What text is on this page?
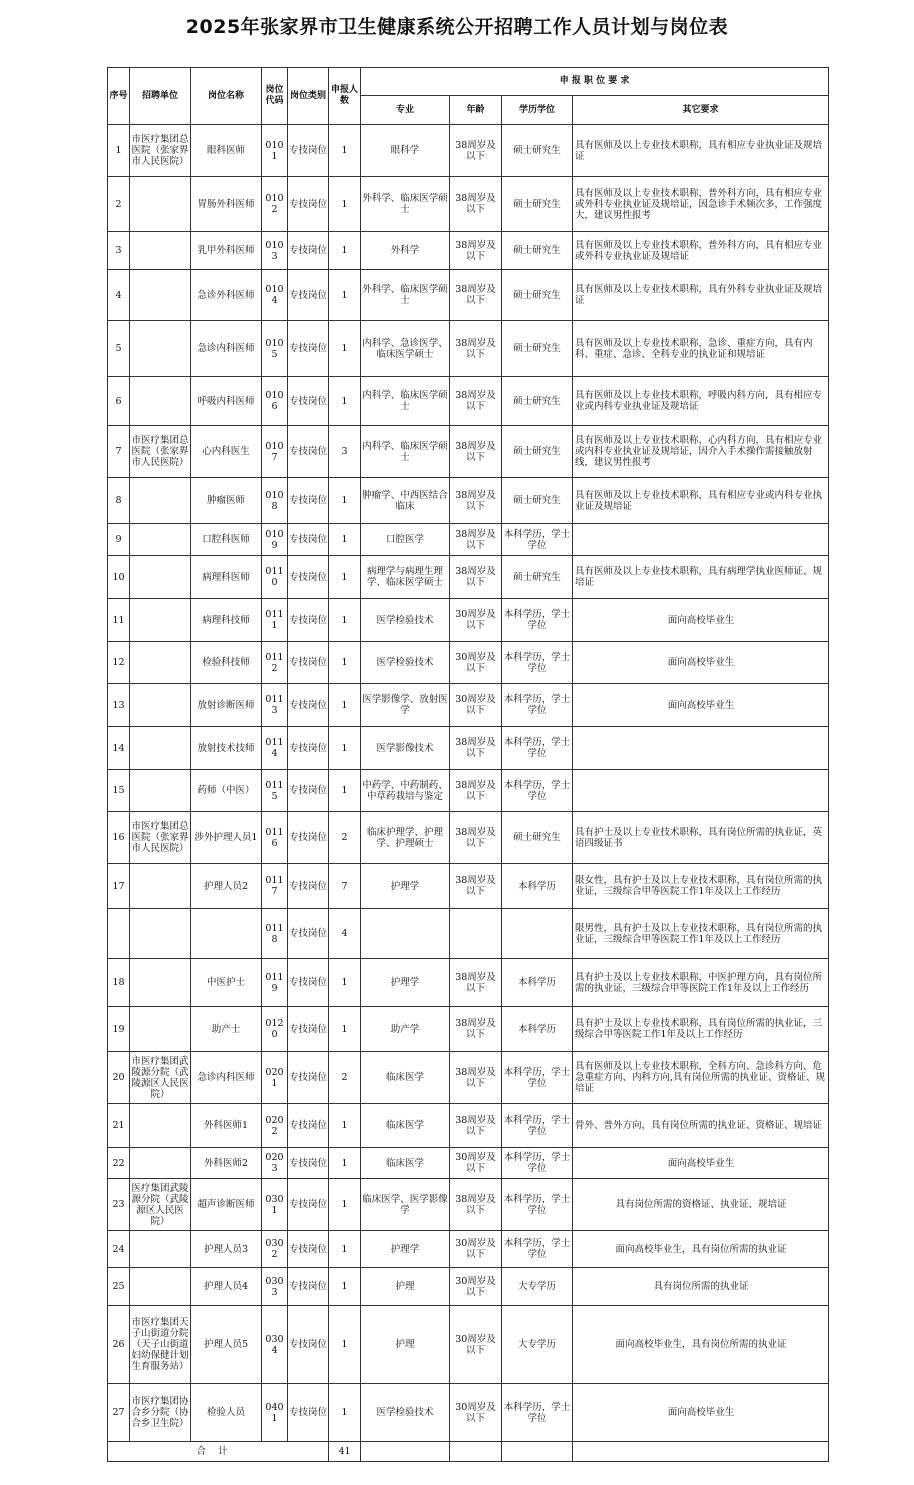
2025年张家界市卫生健康系统公开招聘工作人员计划与岗位表
序号	招聘单位	岗位名称	岗位代码	岗位类别	申报人数	申 报 职 位 要 求			
						专业	年龄	学历学位	其它要求
1	市医疗集团总医院（张家界市人民医院）	眼科医师	0101	专技岗位	1	眼科学	38周岁及以下	硕士研究生	具有医师及以上专业技术职称，具有相应专业执业证及规培证
2		胃肠外科医师	0102	专技岗位	1	外科学、临床医学硕士	38周岁及以下	硕士研究生	具有医师及以上专业技术职称，普外科方向，具有相应专业或外科专业执业证及规培证，因急诊手术频次多，工作强度大，建议男性报考
3		乳甲外科医师	0103	专技岗位	1	外科学	38周岁及以下	硕士研究生	具有医师及以上专业技术职称，普外科方向，具有相应专业或外科专业执业证及规培证
4		急诊外科医师	0104	专技岗位	1	外科学、临床医学硕士	38周岁及以下	硕士研究生	具有医师及以上专业技术职称，具有外科专业执业证及规培证
5		急诊内科医师	0105	专技岗位	1	内科学、急诊医学、临床医学硕士	38周岁及以下	硕士研究生	具有医师及以上专业技术职称，急诊、重症方向，具有内科、重症、急诊、全科专业的执业证和规培证
6		呼吸内科医师	0106	专技岗位	1	内科学、临床医学硕士	38周岁及以下	硕士研究生	具有医师及以上专业技术职称，呼吸内科方向，具有相应专业或内科专业执业证及规培证
7	市医疗集团总医院（张家界市人民医院）	心内科医生	0107	专技岗位	3	内科学、临床医学硕士	38周岁及以下	硕士研究生	具有医师及以上专业技术职称，心内科方向，具有相应专业或内科专业执业证及规培证，因介入手术操作需接触放射线，建议男性报考
8		肿瘤医师	0108	专技岗位	1	肿瘤学、中西医结合临床	38周岁及以下	硕士研究生	具有医师及以上专业技术职称，具有相应专业或内科专业执业证及规培证
9		口腔科医师	0109	专技岗位	1	口腔医学	38周岁及以下	本科学历，学士学位	
10		病理科医师	0110	专技岗位	1	病理学与病理生理学、临床医学硕士	38周岁及以下	硕士研究生	具有医师及以上专业技术职称，具有病理学执业医师证、规培证
11		病理科技师	0111	专技岗位	1	医学检验技术	30周岁及以下	本科学历，学士学位	面向高校毕业生
12		检验科技师	0112	专技岗位	1	医学检验技术	30周岁及以下	本科学历，学士学位	面向高校毕业生
13		放射诊断医师	0113	专技岗位	1	医学影像学、放射医学	30周岁及以下	本科学历，学士学位	面向高校毕业生
14		放射技术技师	0114	专技岗位	1	医学影像技术	38周岁及以下	本科学历，学士学位	
15		药师（中医）	0115	专技岗位	1	中药学、中药制药、中草药栽培与鉴定	38周岁及以下	本科学历，学士学位	
16	市医疗集团总医院（张家界市人民医院）	涉外护理人员1	0116	专技岗位	2	临床护理学、护理学、护理硕士	38周岁及以下	硕士研究生	具有护士及以上专业技术职称，具有岗位所需的执业证，英语四级证书
17		护理人员2	0117	专技岗位	7	护理学	38周岁及以下	本科学历	限女性，具有护士及以上专业技术职称，具有岗位所需的执业证，三级综合甲等医院工作1年及以上工作经历
			0118	专技岗位	4				限男性，具有护士及以上专业技术职称，具有岗位所需的执业证，三级综合甲等医院工作1年及以上工作经历
18		中医护士	0119	专技岗位	1	护理学	38周岁及以下	本科学历	具有护士及以上专业技术职称，中医护理方向，具有岗位所需的执业证，三级综合甲等医院工作1年及以上工作经历
19		助产士	0120	专技岗位	1	助产学	38周岁及以下	本科学历	具有护士及以上专业技术职称，具有岗位所需的执业证，三级综合甲等医院工作1年及以上工作经历
20	市医疗集团武陵源分院（武陵源区人民医院）	急诊内科医师	0201	专技岗位	2	临床医学	38周岁及以下	本科学历，学士学位	具有医师及以上专业技术职称，全科方向、急诊科方向、危急重症方向、内科方向,具有岗位所需的执业证、资格证、规培证
21		外科医师1	0202	专技岗位	1	临床医学	38周岁及以下	本科学历，学士学位	骨外、普外方向，具有岗位所需的执业证、资格证、规培证
22		外科医师2	0203	专技岗位	1	临床医学	30周岁及以下	本科学历，学士学位	面向高校毕业生
23	医疗集团武陵源分院（武陵源区人民医院）	超声诊断医师	0301	专技岗位	1	临床医学、医学影像学	38周岁及以下	本科学历，学士学位	具有岗位所需的资格证、执业证、规培证
24		护理人员3	0302	专技岗位	1	护理学	30周岁及以下	本科学历，学士学位	面向高校毕业生，具有岗位所需的执业证
25		护理人员4	0303	专技岗位	1	护理	30周岁及以下	大专学历	具有岗位所需的执业证
26	市医疗集团天子山街道分院（天子山街道妇幼保健计划生育服务站）	护理人员5	0304	专技岗位	1	护理	30周岁及以下	大专学历	面向高校毕业生，具有岗位所需的执业证
27	市医疗集团协合乡分院（协合乡卫生院）	检验人员	0401	专技岗位	1	医学检验技术	30周岁及以下	本科学历，学士学位	面向高校毕业生
合计					41				
